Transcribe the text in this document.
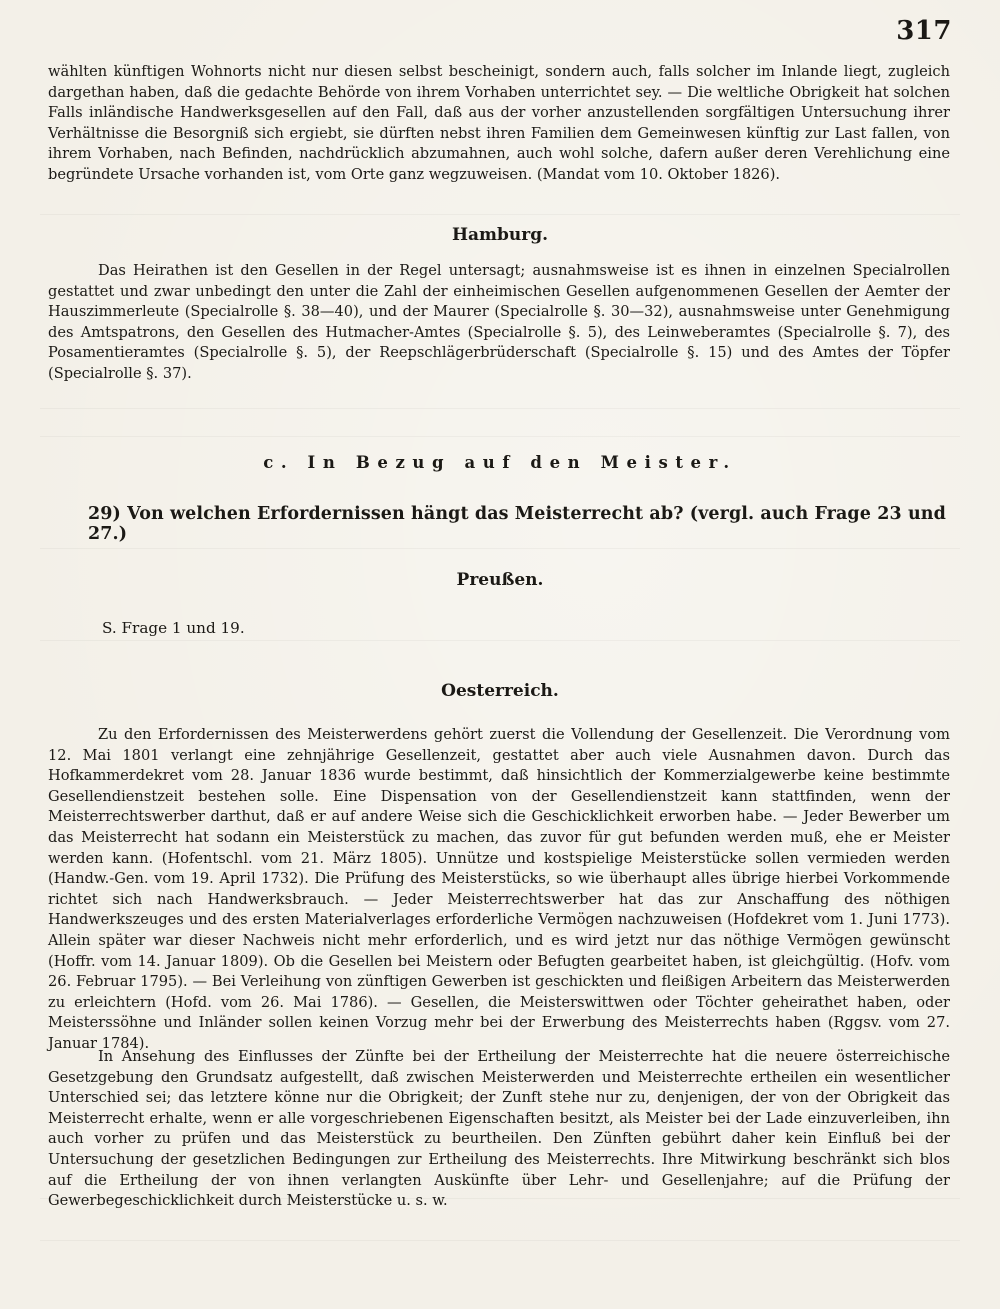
317

wählten künftigen Wohnorts nicht nur diesen selbst bescheinigt, sondern auch, falls solcher im Inlande liegt, zugleich dargethan haben, daß die gedachte Behörde von ihrem Vorhaben unterrichtet sey. — Die weltliche Obrigkeit hat solchen Falls inländische Handwerksgesellen auf den Fall, daß aus der vorher anzustellenden sorgfältigen Untersuchung ihrer Verhältnisse die Besorgniß sich ergiebt, sie dürften nebst ihren Familien dem Gemeinwesen künftig zur Last fallen, von ihrem Vorhaben, nach Befinden, nachdrücklich abzumahnen, auch wohl solche, dafern außer deren Verehlichung eine begründete Ursache vorhanden ist, vom Orte ganz wegzuweisen. (Mandat vom 10. Oktober 1826).

Hamburg.

Das Heirathen ist den Gesellen in der Regel untersagt; ausnahmsweise ist es ihnen in einzelnen Specialrollen gestattet und zwar unbedingt den unter die Zahl der einheimischen Gesellen aufgenommenen Gesellen der Aemter der Hauszimmerleute (Specialrolle §. 38—40), und der Maurer (Specialrolle §. 30—32), ausnahmsweise unter Genehmigung des Amtspatrons, den Gesellen des Hutmacher-Amtes (Specialrolle §. 5), des Leinweberamtes (Specialrolle §. 7), des Posamentieramtes (Specialrolle §. 5), der Reepschlägerbrüderschaft (Specialrolle §. 15) und des Amtes der Töpfer (Specialrolle §. 37).

c. In Bezug auf den Meister.
29) Von welchen Erfordernissen hängt das Meisterrecht ab? (vergl. auch Frage 23 und 27.)
Preußen.

S. Frage 1 und 19.

Oesterreich.

Zu den Erfordernissen des Meisterwerdens gehört zuerst die Vollendung der Gesellenzeit. Die Verordnung vom 12. Mai 1801 verlangt eine zehnjährige Gesellenzeit, gestattet aber auch viele Ausnahmen davon. Durch das Hofkammerdekret vom 28. Januar 1836 wurde bestimmt, daß hinsichtlich der Kommerzialgewerbe keine bestimmte Gesellendienstzeit bestehen solle. Eine Dispensation von der Gesellendienstzeit kann stattfinden, wenn der Meisterrechtswerber darthut, daß er auf andere Weise sich die Geschicklichkeit erworben habe. — Jeder Bewerber um das Meisterrecht hat sodann ein Meisterstück zu machen, das zuvor für gut befunden werden muß, ehe er Meister werden kann. (Hofentschl. vom 21. März 1805). Unnütze und kostspielige Meisterstücke sollen vermieden werden (Handw.-Gen. vom 19. April 1732). Die Prüfung des Meisterstücks, so wie überhaupt alles übrige hierbei Vorkommende richtet sich nach Handwerksbrauch. — Jeder Meisterrechtswerber hat das zur Anschaffung des nöthigen Handwerkszeuges und des ersten Materialverlages erforderliche Vermögen nachzuweisen (Hofdekret vom 1. Juni 1773). Allein später war dieser Nachweis nicht mehr erforderlich, und es wird jetzt nur das nöthige Vermögen gewünscht (Hoffr. vom 14. Januar 1809). Ob die Gesellen bei Meistern oder Befugten gearbeitet haben, ist gleichgültig. (Hofv. vom 26. Februar 1795). — Bei Verleihung von zünftigen Gewerben ist geschickten und fleißigen Arbeitern das Meisterwerden zu erleichtern (Hofd. vom 26. Mai 1786). — Gesellen, die Meisterswittwen oder Töchter geheirathet haben, oder Meisterssöhne und Inländer sollen keinen Vorzug mehr bei der Erwerbung des Meisterrechts haben (Rggsv. vom 27. Januar 1784).

In Ansehung des Einflusses der Zünfte bei der Ertheilung der Meisterrechte hat die neuere österreichische Gesetzgebung den Grundsatz aufgestellt, daß zwischen Meisterwerden und Meisterrechte ertheilen ein wesentlicher Unterschied sei; das letztere könne nur die Obrigkeit; der Zunft stehe nur zu, denjenigen, der von der Obrigkeit das Meisterrecht erhalte, wenn er alle vorgeschriebenen Eigenschaften besitzt, als Meister bei der Lade einzuverleiben, ihn auch vorher zu prüfen und das Meisterstück zu beurtheilen. Den Zünften gebührt daher kein Einfluß bei der Untersuchung der gesetzlichen Bedingungen zur Ertheilung des Meisterrechts. Ihre Mitwirkung beschränkt sich blos auf die Ertheilung der von ihnen verlangten Auskünfte über Lehr- und Gesellenjahre; auf die Prüfung der Gewerbegeschicklichkeit durch Meisterstücke u. s. w.
